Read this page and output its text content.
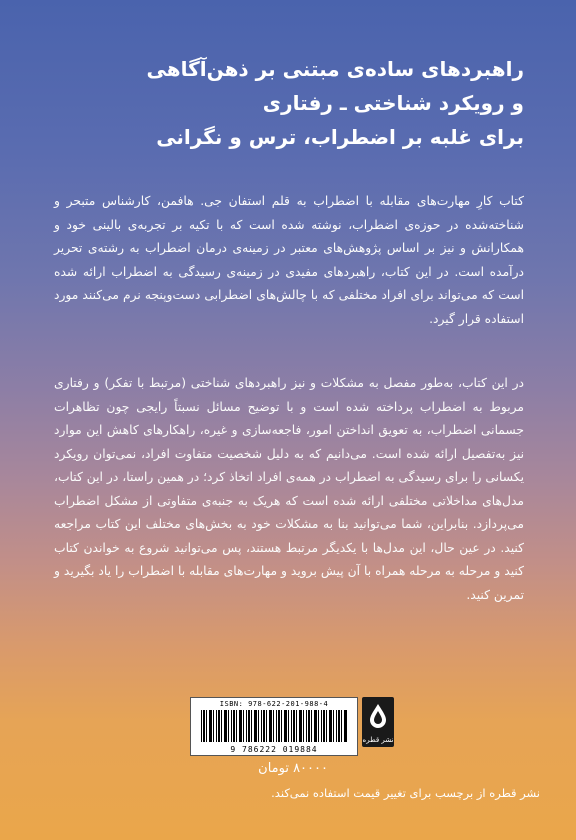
راهبردهای ساده‌ی مبتنی بر ذهن‌آگاهی
و رویکرد شناختی ـ رفتاری
برای غلبه بر اضطراب، ترس و نگرانی
کتاب کارِ مهارت‌های مقابله با اضطراب به قلم استفان جی. هافمن، کارشناس متبحر و شناخته‌شده در حوزه‌ی اضطراب، نوشته شده است که با تکیه بر تجربه‌ی بالینی خود و همکارانش و نیز بر اساس پژوهش‌های معتبر در زمینه‌ی درمان اضطراب به رشته‌ی تحریر درآمده است. در این کتاب، راهبردهای مفیدی در زمینه‌ی رسیدگی به اضطراب ارائه شده است که می‌تواند برای افراد مختلفی که با چالش‌های اضطرابی دست‌وپنجه نرم می‌کنند مورد استفاده قرار گیرد.
در این کتاب، به‌طور مفصل به مشکلات و نیز راهبردهای شناختی (مرتبط با تفکر) و رفتاری مربوط به اضطراب پرداخته شده است و با توضیح مسائل نسبتاً رایجی چون تظاهرات جسمانی اضطراب، به تعویق انداختن امور، فاجعه‌سازی و غیره، راهکارهای کاهش این موارد نیز به‌تفصیل ارائه شده است. می‌دانیم که به دلیل شخصیت متفاوت افراد، نمی‌توان رویکرد یکسانی را برای رسیدگی به اضطراب در همه‌ی افراد اتخاذ کرد؛ در همین راستا، در این کتاب، مدل‌های مداخلاتی مختلفی ارائه شده است که هریک به جنبه‌ی متفاوتی از مشکل اضطراب می‌پردازد. بنابراین، شما می‌توانید بنا به مشکلات خود به بخش‌های مختلف این کتاب مراجعه کنید. در عین حال، این مدل‌ها با یکدیگر مرتبط هستند، پس می‌توانید شروع به خواندن کتاب کنید و مرحله به مرحله همراه با آن پیش بروید و مهارت‌های مقابله با اضطراب را یاد بگیرید و تمرین کنید.
ISBN: 978-622-201-988-4
9 786222 019884
نشر قطره
۸۰۰۰۰ تومان
نشر قطره از برچسب برای تغییر قیمت استفاده نمی‌کند.
